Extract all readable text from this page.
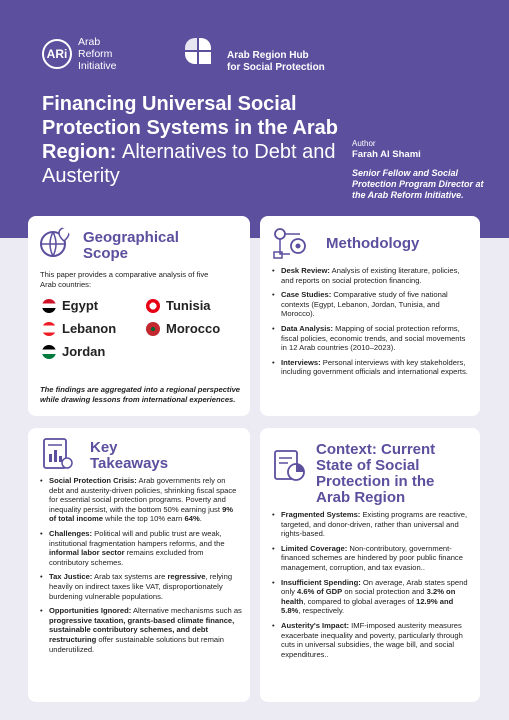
ARi
Arab
Reform
Initiative
Arab Region Hub
for Social Protection
Financing Universal Social Protection Systems in the Arab Region: Alternatives to Debt and Austerity
Author
Farah Al Shami
Senior Fellow and Social Protection Program Director at the Arab Reform Initiative.
Geographical Scope
This paper provides a comparative analysis of five Arab countries:
Egypt	Tunisia
Lebanon	Morocco
Jordan
The findings are aggregated into a regional perspective while drawing lessons from international experiences.
Methodology
• Desk Review: Analysis of existing literature, policies, and reports on social protection financing.
• Case Studies: Comparative study of five national contexts (Egypt, Lebanon, Jordan, Tunisia, and Morocco).
• Data Analysis: Mapping of social protection reforms, fiscal policies, economic trends, and social movements in 12 Arab countries (2010–2023).
• Interviews: Personal interviews with key stakeholders, including government officials and international experts.
Key Takeaways
• Social Protection Crisis: Arab governments rely on debt and austerity-driven policies, shrinking fiscal space for essential social protection programs. Poverty and inequality persist, with the bottom 50% earning just 9% of total income while the top 10% earn 64%.
• Challenges: Political will and public trust are weak, institutional fragmentation hampers reforms, and the informal labor sector remains excluded from contributory schemes.
• Tax Justice: Arab tax systems are regressive, relying heavily on indirect taxes like VAT, disproportionately burdening vulnerable populations.
• Opportunities Ignored: Alternative mechanisms such as progressive taxation, grants-based climate finance, sustainable contributory schemes, and debt restructuring offer sustainable solutions but remain underutilized.
Context: Current State of Social Protection in the Arab Region
• Fragmented Systems: Existing programs are reactive, targeted, and donor-driven, rather than universal and rights-based.
• Limited Coverage: Non-contributory, government-financed schemes are hindered by poor public finance management, corruption, and tax evasion..
• Insufficient Spending: On average, Arab states spend only 4.6% of GDP on social protection and 3.2% on health, compared to global averages of 12.9% and 5.8%, respectively.
• Austerity's Impact: IMF-imposed austerity measures exacerbate inequality and poverty, particularly through cuts in universal subsidies, the wage bill, and social expenditures..
